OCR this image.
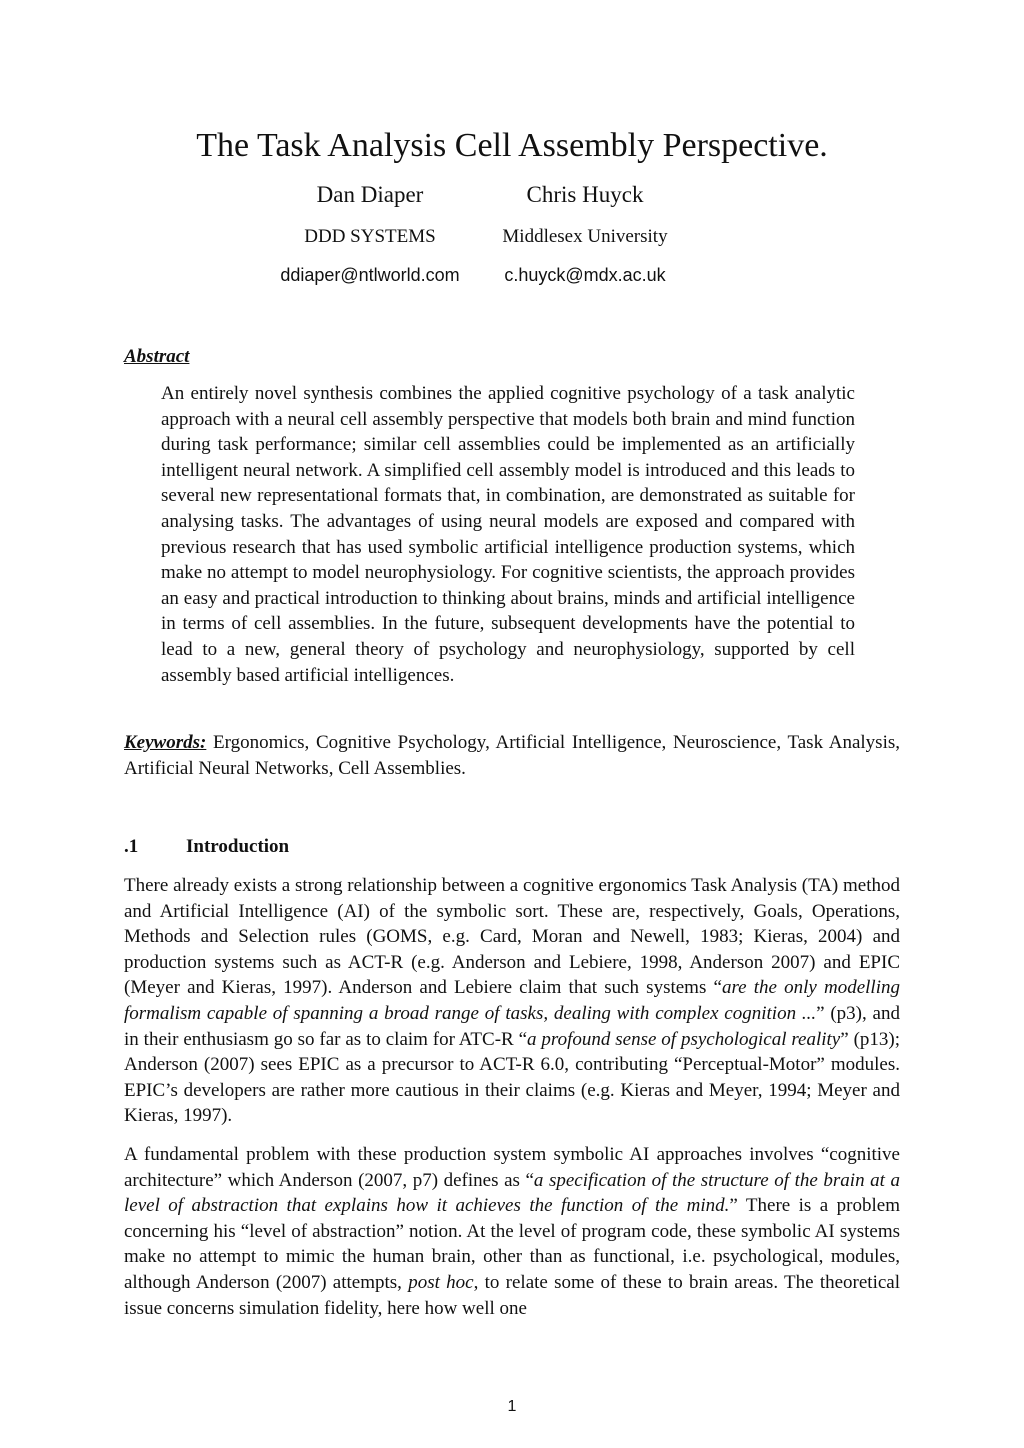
The Task Analysis Cell Assembly Perspective.
Dan Diaper	Chris Huyck
DDD SYSTEMS	Middlesex University
ddiaper@ntlworld.com	c.huyck@mdx.ac.uk
Abstract

An entirely novel synthesis combines the applied cognitive psychology of a task analytic approach with a neural cell assembly perspective that models both brain and mind function during task performance; similar cell assemblies could be implemented as an artificially intelligent neural network. A simplified cell assembly model is introduced and this leads to several new representational formats that, in combination, are demonstrated as suitable for analysing tasks. The advantages of using neural models are exposed and compared with previous research that has used symbolic artificial intelligence production systems, which make no attempt to model neurophysiology. For cognitive scientists, the approach provides an easy and practical introduction to thinking about brains, minds and artificial intelligence in terms of cell assemblies. In the future, subsequent developments have the potential to lead to a new, general theory of psychology and neurophysiology, supported by cell assembly based artificial intelligences.

Keywords: Ergonomics, Cognitive Psychology, Artificial Intelligence, Neuroscience, Task Analysis, Artificial Neural Networks, Cell Assemblies.

.1	Introduction

There already exists a strong relationship between a cognitive ergonomics Task Analysis (TA) method and Artificial Intelligence (AI) of the symbolic sort. These are, respectively, Goals, Operations, Methods and Selection rules (GOMS, e.g. Card, Moran and Newell, 1983; Kieras, 2004) and production systems such as ACT-R (e.g. Anderson and Lebiere, 1998, Anderson 2007) and EPIC (Meyer and Kieras, 1997). Anderson and Lebiere claim that such systems “are the only modelling formalism capable of spanning a broad range of tasks, dealing with complex cognition ...” (p3), and in their enthusiasm go so far as to claim for ATC-R “a profound sense of psychological reality” (p13); Anderson (2007) sees EPIC as a precursor to ACT-R 6.0, contributing “Perceptual-Motor” modules. EPIC’s developers are rather more cautious in their claims (e.g. Kieras and Meyer, 1994; Meyer and Kieras, 1997).

A fundamental problem with these production system symbolic AI approaches involves “cognitive architecture” which Anderson (2007, p7) defines as “a specification of the structure of the brain at a level of abstraction that explains how it achieves the function of the mind.” There is a problem concerning his “level of abstraction” notion. At the level of program code, these symbolic AI systems make no attempt to mimic the human brain, other than as functional, i.e. psychological, modules, although Anderson (2007) attempts, post hoc, to relate some of these to brain areas. The theoretical issue concerns simulation fidelity, here how well one

1
